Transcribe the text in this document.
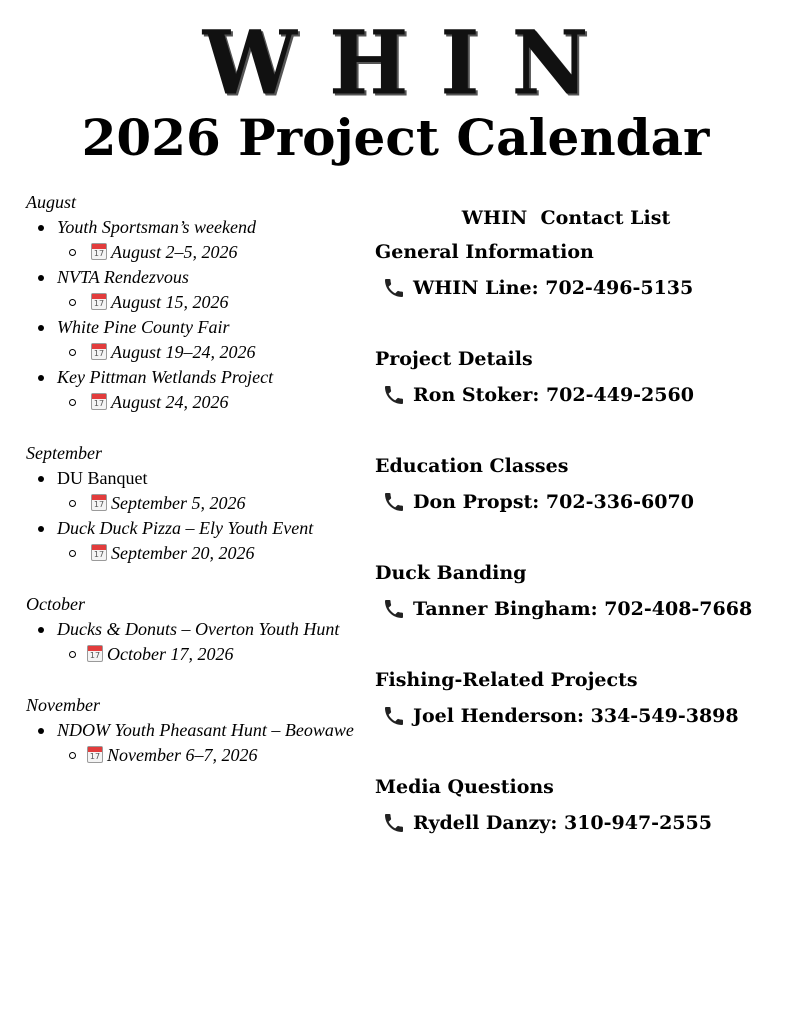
WHIN
2026 Project Calendar
August
Youth Sportsman’s weekend
17 August 2–5, 2026
NVTA Rendezvous
17 August 15, 2026
White Pine County Fair
17 August 19–24, 2026
Key Pittman Wetlands Project
17 August 24, 2026
September
DU Banquet
17 September 5, 2026
Duck Duck Pizza – Ely Youth Event
17 September 20, 2026
October
Ducks & Donuts – Overton Youth Hunt
17 October 17, 2026
November
NDOW Youth Pheasant Hunt – Beowawe
17 November 6–7, 2026
WHIN  Contact List
General Information
WHIN Line: 702-496-5135
Project Details
Ron Stoker: 702-449-2560
Education Classes
Don Propst: 702-336-6070
Duck Banding
Tanner Bingham: 702-408-7668
Fishing-Related Projects
Joel Henderson: 334-549-3898
Media Questions
Rydell Danzy: 310-947-2555
